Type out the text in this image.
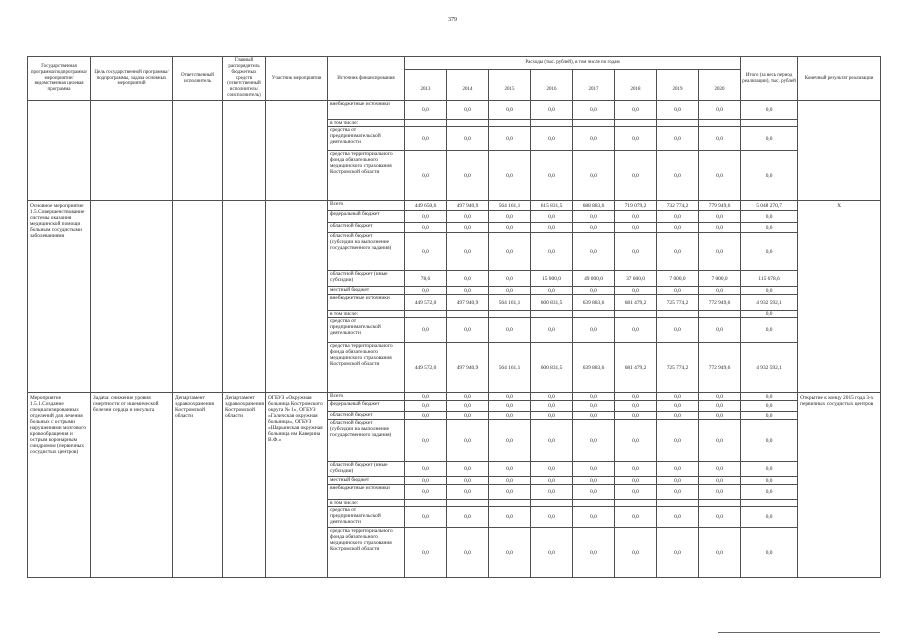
379
Государственная программа/подпрограмма/мероприятие/ведомственная целевая программа	Цель государственной программы/подпрограммы, задача основных мероприятий	Ответственный исполнитель	Главный распорядитель бюджетных средств (ответственный исполнитель/соисполнитель)	Участник мероприятия	Источник финансирования	Расходы (тыс. рублей), в том числе по годам								Итого (за весь период реализации), тыс. рублей	Конечный результат реализации
						2013	2014	2015	2016	2017	2018	2019	2020		
					внебюджетные источники	0,0	0,0	0,0	0,0	0,0	0,0	0,0	0,0	0,0	
					в том числе:										
					средства от предпринимательской деятельности	0,0	0,0	0,0	0,0	0,0	0,0	0,0	0,0	0,0	
					средства территориального фонда обязательного медицинского страхования Костромской области	0,0	0,0	0,0	0,0	0,0	0,0	0,0	0,0	0,0	
Основное мероприятие 1.5.Совершенствование системы оказания медицинской помощи больным сосудистыми заболеваниями					Всего	449 650,6	497 940,9	564 161,1	615 831,5	688 883,6	719 079,2	732 774,2	779 949,6	5 048 270,7	X
					федеральный бюджет	0,0	0,0	0,0	0,0	0,0	0,0	0,0	0,0	0,0	
					областной бюджет	0,0	0,0	0,0	0,0	0,0	0,0	0,0	0,0	0,0	
					областной бюджет (субсидии на выполнение государственного задания)	0,0	0,0	0,0	0,0	0,0	0,0	0,0	0,0	0,0	
					областной бюджет (иные субсидии)	78,6	0,0	0,0	15 000,0	49 000,0	37 600,0	7 000,0	7 000,0	115 678,6	
					местный бюджет	0,0	0,0	0,0	0,0	0,0	0,0	0,0	0,0	0,0	
					внебюджетные источники	449 572,0	497 940,9	564 161,1	600 831,5	639 883,6	681 479,2	725 774,2	772 949,6	4 932 592,1	
					в том числе:									0,0	
					средства от предпринимательской деятельности	0,0	0,0	0,0	0,0	0,0	0,0	0,0	0,0	0,0	
					средства территориального фонда обязательного медицинского страхования Костромской области	449 572,0	497 940,9	564 161,1	600 831,5	639 883,6	681 479,2	725 774,2	772 949,6	4 932 592,1	
Мероприятие 1.5.1.Создание специализированных отделений для лечения больных с острыми нарушениями мозгового кровообращения и острым коронарным синдромом (первичных сосудистых центров)	Задача: снижение уровня смертности от ишемической болезни сердца и инсульта	Департамент здравоохранения Костромской области	Департамент здравоохранения Костромской области	ОГБУЗ «Окружная больница Костромского округа № 1», ОГБУЗ «Галичская окружная больница», ОГБУЗ «Шарьинская окружная больница им Каверина В.Ф.»	Всего	0,0	0,0	0,0	0,0	0,0	0,0	0,0	0,0	0,0	Открытие к концу 2015 года 3-х первичных сосудистых центров
					федеральный бюджет	0,0	0,0	0,0	0,0	0,0	0,0	0,0	0,0	0,0	
					областной бюджет	0,0	0,0	0,0	0,0	0,0	0,0	0,0	0,0	0,0	
					областной бюджет (субсидии на выполнение государственного задания)	0,0	0,0	0,0	0,0	0,0	0,0	0,0	0,0	0,0	
					областной бюджет (иные субсидии)	0,0	0,0	0,0	0,0	0,0	0,0	0,0	0,0	0,0	
					местный бюджет	0,0	0,0	0,0	0,0	0,0	0,0	0,0	0,0	0,0	
					внебюджетные источники	0,0	0,0	0,0	0,0	0,0	0,0	0,0	0,0	0,0	
					в том числе:										
					средства от предпринимательской деятельности	0,0	0,0	0,0	0,0	0,0	0,0	0,0	0,0	0,0	
					средства территориального фонда обязательного медицинского страхования Костромской области	0,0	0,0	0,0	0,0	0,0	0,0	0,0	0,0	0,0	
